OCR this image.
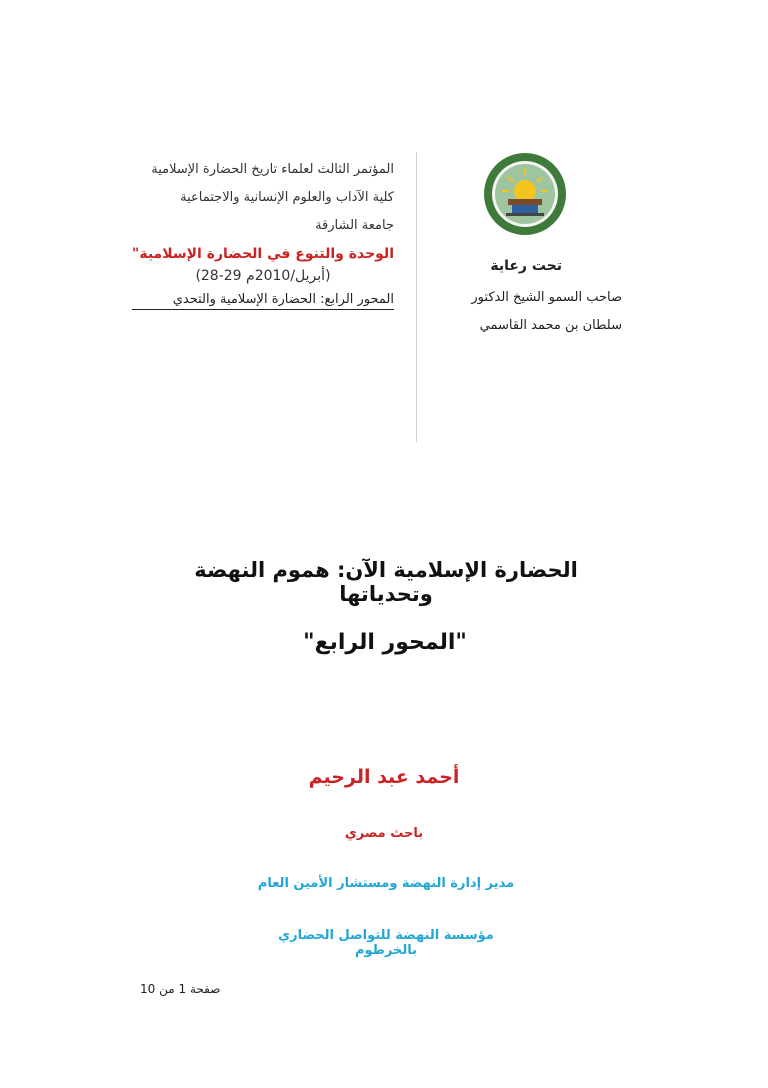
المؤتمر الثالث لعلماء تاريخ الحضارة الإسلامية
كلية الآداب والعلوم الإنسانية والاجتماعية
جامعة الشارقة
الوحدة والتنوع في الحضارة الإسلامية"
(28-29 أبريل/2010م)
المحور الرابع: الحضارة الإسلامية والتحدي
تحت رعاية
صاحب السمو الشيخ الدكتور
سلطان بن محمد القاسمي
الحضارة الإسلامية الآن: هموم النهضة وتحدياتها
"المحور الرابع"
أحمد عبد الرحيم
باحث مصري
مدير إدارة النهضة ومستشار الأمين العام
مؤسسة النهضة للتواصل الحضاري بالخرطوم
صفحة 1 من 10
